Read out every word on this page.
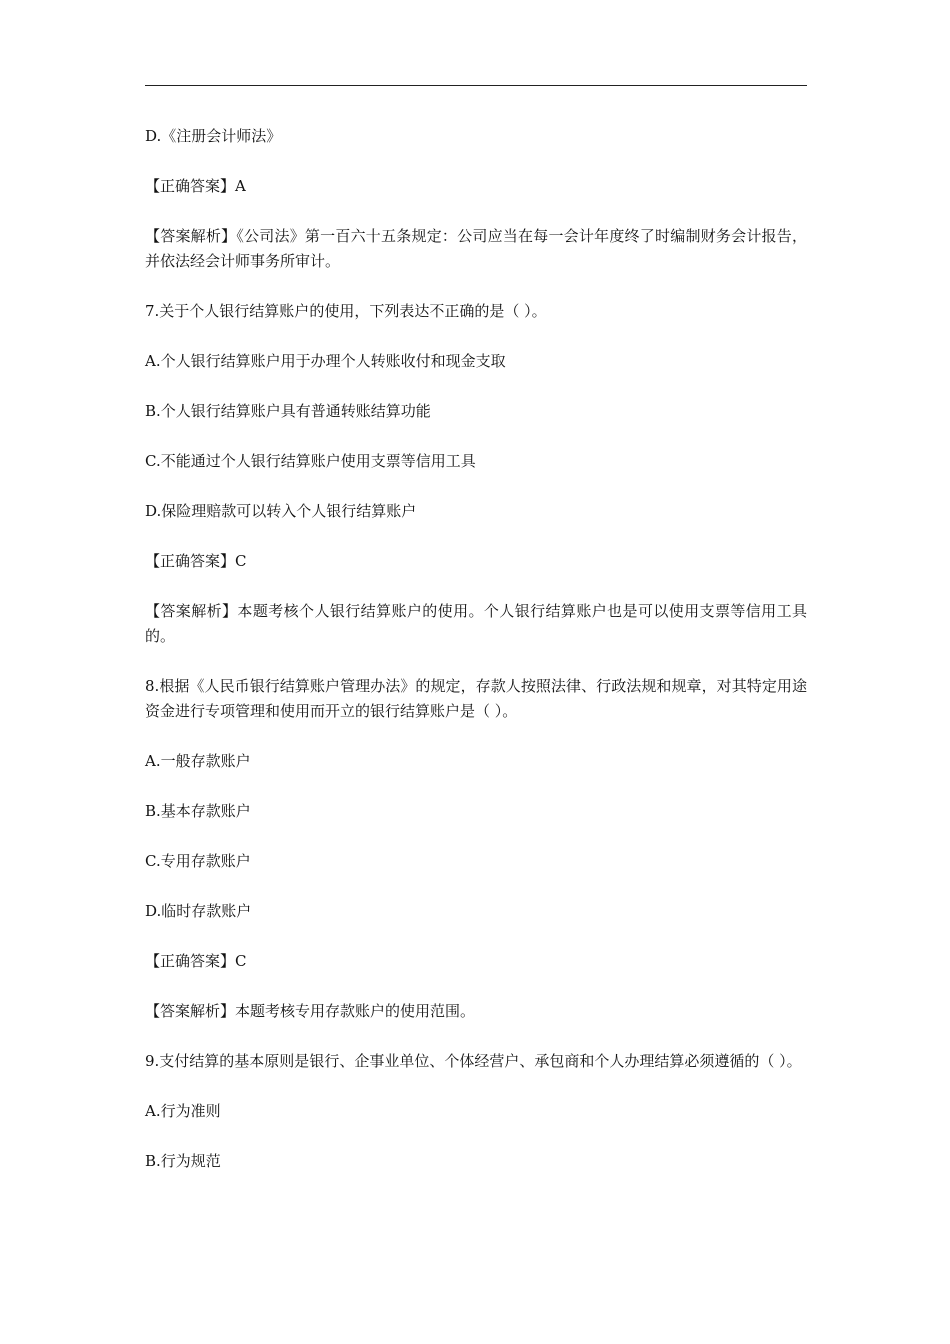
D.《注册会计师法》

【正确答案】A

【答案解析】《公司法》第一百六十五条规定：公司应当在每一会计年度终了时编制财务会计报告，并依法经会计师事务所审计。

7.关于个人银行结算账户的使用，下列表达不正确的是（ ）。

A.个人银行结算账户用于办理个人转账收付和现金支取

B.个人银行结算账户具有普通转账结算功能

C.不能通过个人银行结算账户使用支票等信用工具

D.保险理赔款可以转入个人银行结算账户

【正确答案】C

【答案解析】本题考核个人银行结算账户的使用。个人银行结算账户也是可以使用支票等信用工具的。

8.根据《人民币银行结算账户管理办法》的规定，存款人按照法律、行政法规和规章，对其特定用途资金进行专项管理和使用而开立的银行结算账户是（ ）。

A.一般存款账户

B.基本存款账户

C.专用存款账户

D.临时存款账户

【正确答案】C

【答案解析】本题考核专用存款账户的使用范围。

9.支付结算的基本原则是银行、企事业单位、个体经营户、承包商和个人办理结算必须遵循的（ ）。

A.行为准则

B.行为规范
